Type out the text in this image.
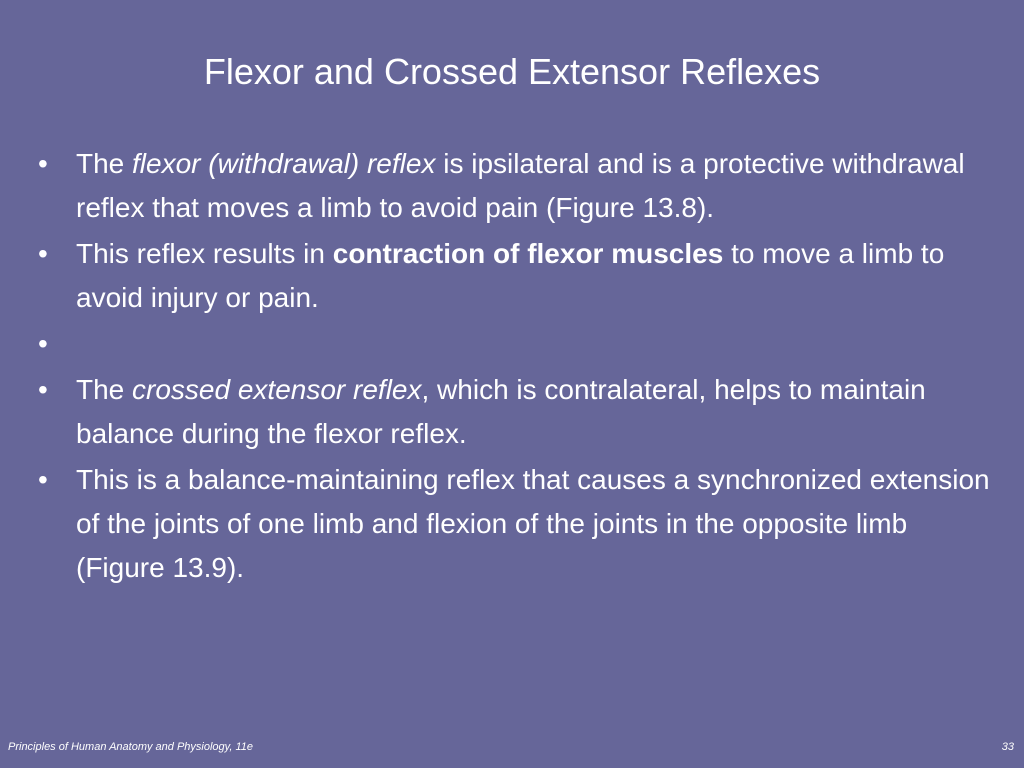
Flexor and Crossed Extensor Reflexes
• The flexor (withdrawal) reflex is ipsilateral and is a protective withdrawal reflex that moves a limb to avoid pain (Figure 13.8).
• This reflex results in contraction of flexor muscles to move a limb to avoid injury or pain.
•
• The crossed extensor reflex, which is contralateral, helps to maintain balance during the flexor reflex.
• This is a balance-maintaining reflex that causes a synchronized extension of the joints of one limb and flexion of the joints in the opposite limb (Figure 13.9).
Principles of Human Anatomy and Physiology, 11e	33
